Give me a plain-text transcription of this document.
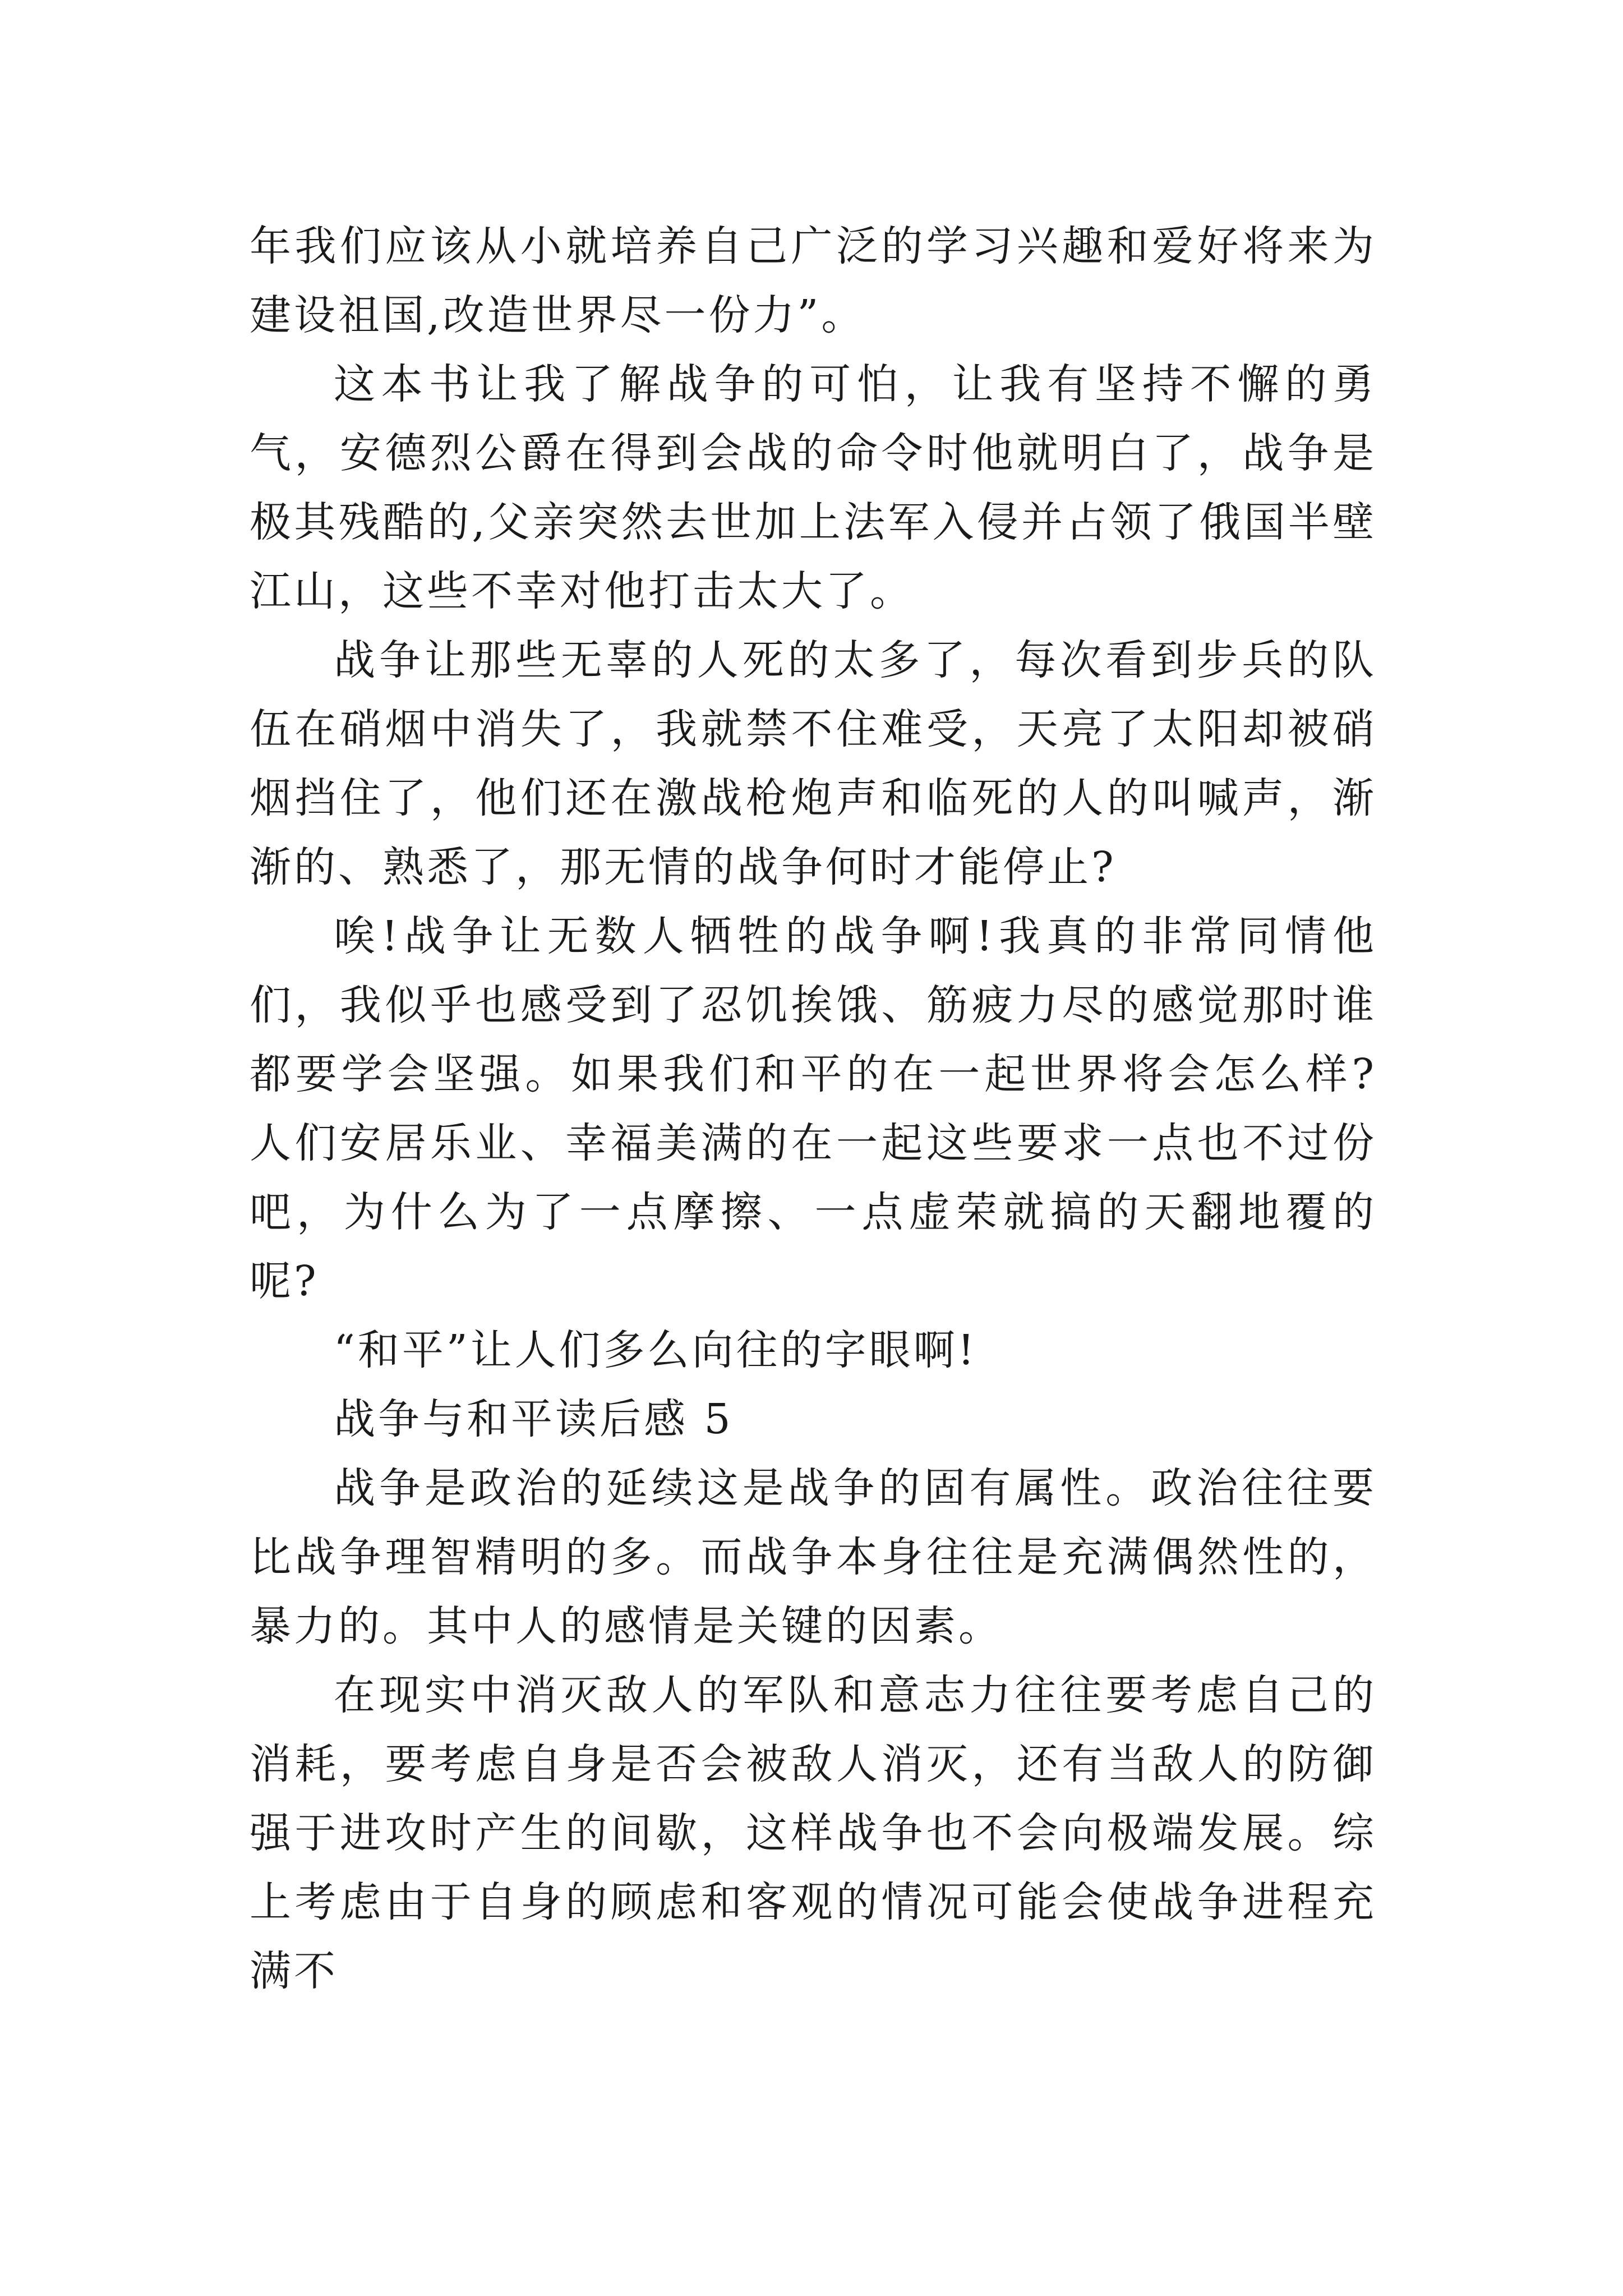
年我们应该从小就培养自己广泛的学习兴趣和爱好将来为建设祖国,改造世界尽一份力”。

这本书让我了解战争的可怕，让我有坚持不懈的勇气，安德烈公爵在得到会战的命令时他就明白了，战争是极其残酷的,父亲突然去世加上法军入侵并占领了俄国半壁江山，这些不幸对他打击太大了。

战争让那些无辜的人死的太多了，每次看到步兵的队伍在硝烟中消失了，我就禁不住难受，天亮了太阳却被硝烟挡住了，他们还在激战枪炮声和临死的人的叫喊声，渐渐的、熟悉了，那无情的战争何时才能停止?

唉!战争让无数人牺牲的战争啊!我真的非常同情他们，我似乎也感受到了忍饥挨饿、筋疲力尽的感觉那时谁都要学会坚强。如果我们和平的在一起世界将会怎么样?人们安居乐业、幸福美满的在一起这些要求一点也不过份吧，为什么为了一点摩擦、一点虚荣就搞的天翻地覆的呢?

“和平”让人们多么向往的字眼啊!

战争与和平读后感 5

战争是政治的延续这是战争的固有属性。政治往往要比战争理智精明的多。而战争本身往往是充满偶然性的，暴力的。其中人的感情是关键的因素。

在现实中消灭敌人的军队和意志力往往要考虑自己的消耗，要考虑自身是否会被敌人消灭，还有当敌人的防御强于进攻时产生的间歇，这样战争也不会向极端发展。综上考虑由于自身的顾虑和客观的情况可能会使战争进程充满不
